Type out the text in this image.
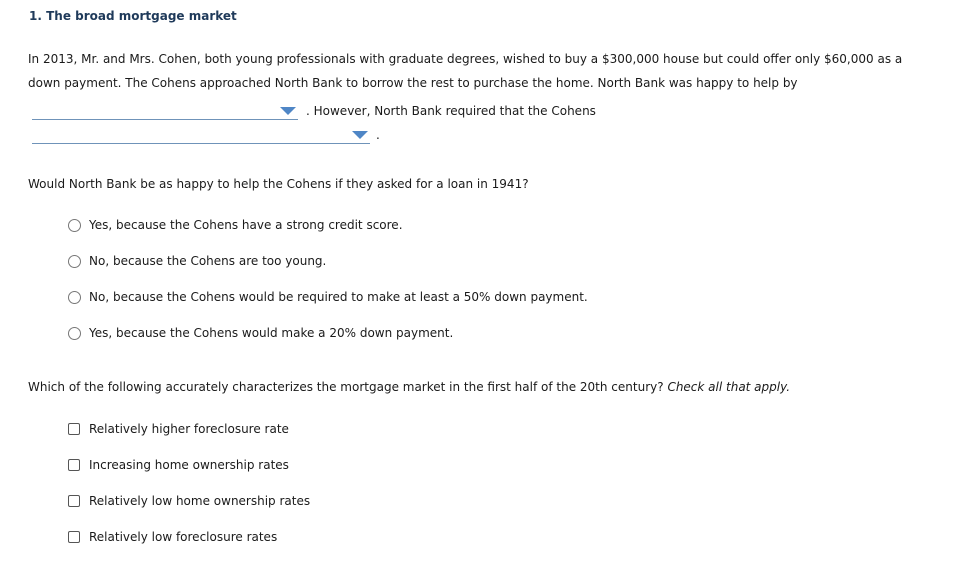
1. The broad mortgage market
In 2013, Mr. and Mrs. Cohen, both young professionals with graduate degrees, wished to buy a $300,000 house but could offer only $60,000 as a
down payment. The Cohens approached North Bank to borrow the rest to purchase the home. North Bank was happy to help by
. However, North Bank required that the Cohens
.
Would North Bank be as happy to help the Cohens if they asked for a loan in 1941?
Yes, because the Cohens have a strong credit score.
No, because the Cohens are too young.
No, because the Cohens would be required to make at least a 50% down payment.
Yes, because the Cohens would make a 20% down payment.
Which of the following accurately characterizes the mortgage market in the first half of the 20th century? Check all that apply.
Relatively higher foreclosure rate
Increasing home ownership rates
Relatively low home ownership rates
Relatively low foreclosure rates
